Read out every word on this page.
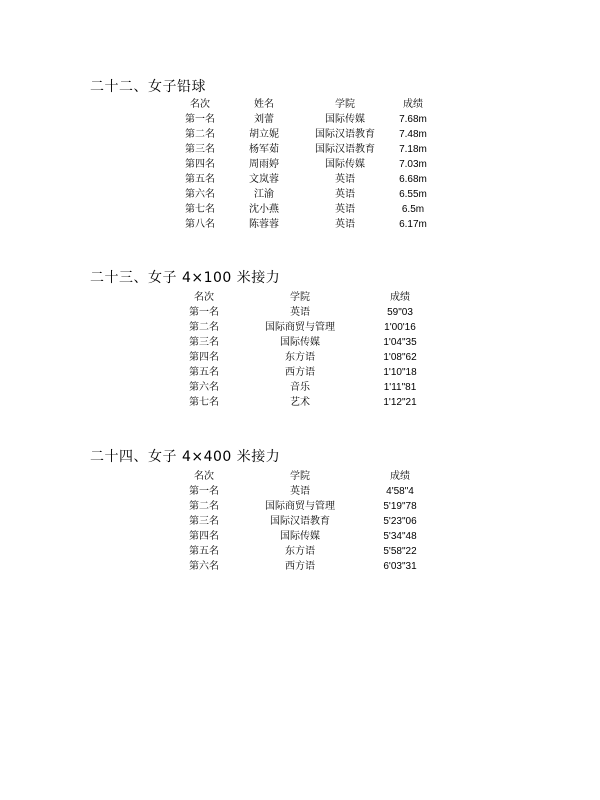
二十二、女子铅球
名次	姓名	学院	成绩
第一名	刘蕾	国际传媒	7.68m
第二名	胡立妮	国际汉语教育	7.48m
第三名	杨军茹	国际汉语教育	7.18m
第四名	周雨婷	国际传媒	7.03m
第五名	文岚蓉	英语	6.68m
第六名	江渝	英语	6.55m
第七名	沈小燕	英语	6.5m
第八名	陈蓉蓉	英语	6.17m
二十三、女子 4×100 米接力
名次	学院	成绩
第一名	英语	59"03
第二名	国际商贸与管理	1'00'16
第三名	国际传媒	1'04"35
第四名	东方语	1'08"62
第五名	西方语	1'10"18
第六名	音乐	1'11"81
第七名	艺术	1'12"21
二十四、女子 4×400 米接力
名次	学院	成绩
第一名	英语	4'58"4
第二名	国际商贸与管理	5'19"78
第三名	国际汉语教育	5'23"06
第四名	国际传媒	5'34"48
第五名	东方语	5'58"22
第六名	西方语	6'03"31
